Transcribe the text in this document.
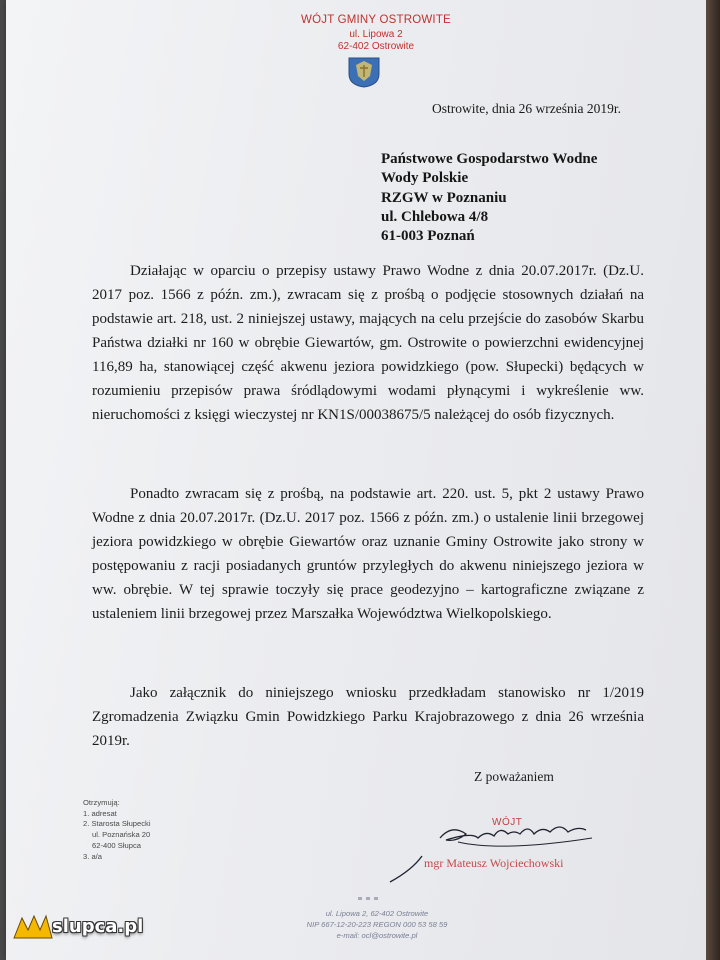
WÓJT GMINY OSTROWITE
ul. Lipowa 2
62-402 Ostrowite
Ostrowite, dnia 26 września 2019r.
Państwowe Gospodarstwo Wodne
Wody Polskie
RZGW w Poznaniu
ul. Chlebowa 4/8
61-003 Poznań

Działając w oparciu o przepisy ustawy Prawo Wodne z dnia 20.07.2017r. (Dz.U. 2017 poz. 1566 z późn. zm.), zwracam się z prośbą o podjęcie stosownych działań na podstawie art. 218, ust. 2 niniejszej ustawy, mających na celu przejście do zasobów Skarbu Państwa działki nr 160 w obrębie Giewartów, gm. Ostrowite o powierzchni ewidencyjnej 116,89 ha, stanowiącej część akwenu jeziora powidzkiego (pow. Słupecki) będących w rozumieniu przepisów prawa śródlądowymi wodami płynącymi i wykreślenie ww. nieruchomości z księgi wieczystej nr KN1S/00038675/5 należącej do osób fizycznych.

Ponadto zwracam się z prośbą, na podstawie art. 220. ust. 5, pkt 2 ustawy Prawo Wodne z dnia 20.07.2017r. (Dz.U. 2017 poz. 1566 z późn. zm.) o ustalenie linii brzegowej jeziora powidzkiego w obrębie Giewartów oraz uznanie Gminy Ostrowite jako strony w postępowaniu z racji posiadanych gruntów przyległych do akwenu niniejszego jeziora w ww. obrębie. W tej sprawie toczyły się prace geodezyjno – kartograficzne związane z ustaleniem linii brzegowej przez Marszałka Województwa Wielkopolskiego.

Jako załącznik do niniejszego wniosku przedkładam stanowisko nr 1/2019 Zgromadzenia Związku Gmin Powidzkiego Parku Krajobrazowego z dnia 26 września 2019r.

Z poważaniem
Otrzymują:
1. adresat
2. Starosta Słupecki
ul. Poznańska 20
62-400 Słupca
3. a/a
WÓJT
mgr Mateusz Wojciechowski
ul. Lipowa 2, 62-402 Ostrowite
NIP 667-12-20-223 REGON 000 53 58 59
e-mail: ocl@ostrowite.pl
slupca.pl
